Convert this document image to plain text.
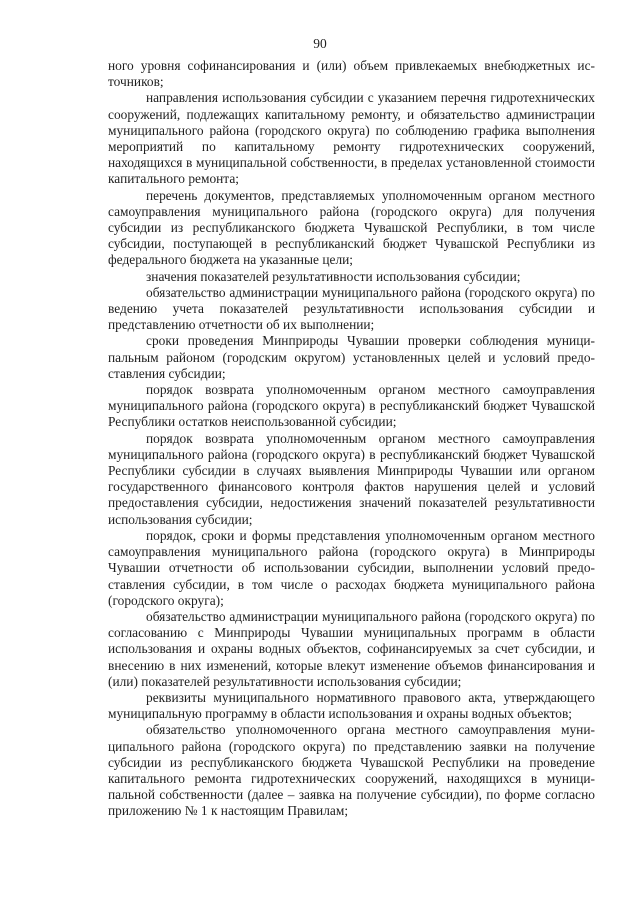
90

ного уровня софинансирования и (или) объем привлекаемых внебюджетных источников;

направления использования субсидии с указанием перечня гидротехнических сооружений, подлежащих капитальному ремонту, и обязательство администрации муниципального района (городского округа) по соблюдению графика выполнения мероприятий по капитальному ремонту гидротехнических сооружений, находящихся в муниципальной собственности, в пределах установленной стоимости капитального ремонта;

перечень документов, представляемых уполномоченным органом местного самоуправления муниципального района (городского округа) для получения субсидии из республиканского бюджета Чувашской Республики, в том числе субсидии, поступающей в республиканский бюджет Чувашской Республики из федерального бюджета на указанные цели;

значения показателей результативности использования субсидии;

обязательство администрации муниципального района (городского округа) по ведению учета показателей результативности использования субсидии и представлению отчетности об их выполнении;

сроки проведения Минприроды Чувашии проверки соблюдения муниципальным районом (городским округом) установленных целей и условий предоставления субсидии;

порядок возврата уполномоченным органом местного самоуправления муниципального района (городского округа) в республиканский бюджет Чувашской Республики остатков неиспользованной субсидии;

порядок возврата уполномоченным органом местного самоуправления муниципального района (городского округа) в республиканский бюджет Чувашской Республики субсидии в случаях выявления Минприроды Чувашии или органом государственного финансового контроля фактов нарушения целей и условий предоставления субсидии, недостижения значений показателей результативности использования субсидии;

порядок, сроки и формы представления уполномоченным органом местного самоуправления муниципального района (городского округа) в Минприроды Чувашии отчетности об использовании субсидии, выполнении условий предоставления субсидии, в том числе о расходах бюджета муниципального района (городского округа);

обязательство администрации муниципального района (городского округа) по согласованию с Минприроды Чувашии муниципальных программ в области использования и охраны водных объектов, софинансируемых за счет субсидии, и внесению в них изменений, которые влекут изменение объемов финансирования и (или) показателей результативности использования субсидии;

реквизиты муниципального нормативного правового акта, утверждающего муниципальную программу в области использования и охраны водных объектов;

обязательство уполномоченного органа местного самоуправления муниципального района (городского округа) по представлению заявки на получение субсидии из республиканского бюджета Чувашской Республики на проведение капитального ремонта гидротехнических сооружений, находящихся в муниципальной собственности (далее – заявка на получение субсидии), по форме согласно приложению № 1 к настоящим Правилам;
